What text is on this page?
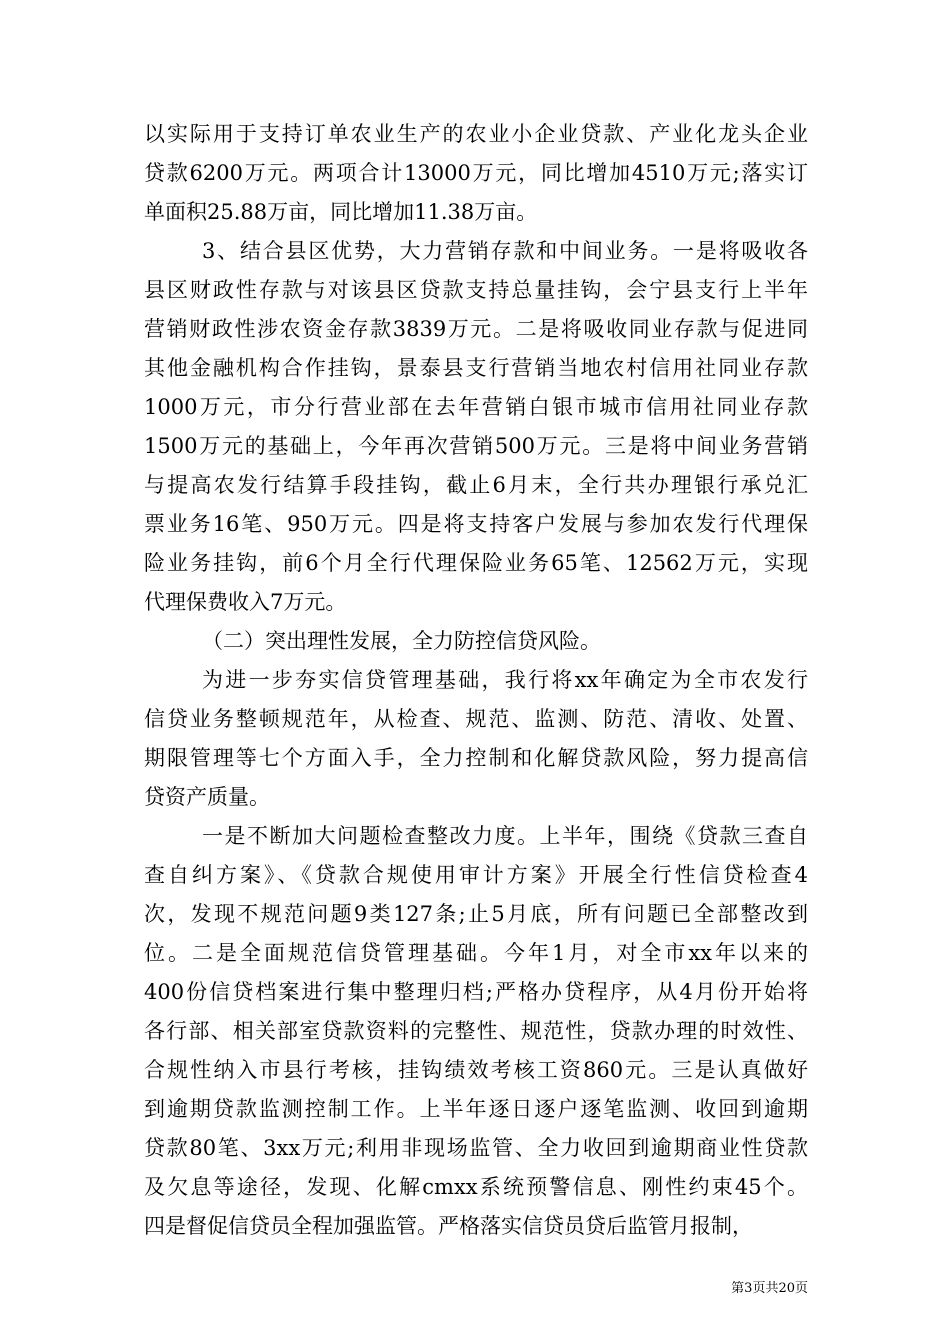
以实际用于支持订单农业生产的农业小企业贷款、产业化龙头企业
贷款6200万元。两项合计13000万元，同比增加4510万元;落实订
单面积25.88万亩，同比增加11.38万亩。
3、结合县区优势，大力营销存款和中间业务。一是将吸收各
县区财政性存款与对该县区贷款支持总量挂钩，会宁县支行上半年
营销财政性涉农资金存款3839万元。二是将吸收同业存款与促进同
其他金融机构合作挂钩，景泰县支行营销当地农村信用社同业存款
1000万元，市分行营业部在去年营销白银市城市信用社同业存款
1500万元的基础上，今年再次营销500万元。三是将中间业务营销
与提高农发行结算手段挂钩，截止6月末，全行共办理银行承兑汇
票业务16笔、950万元。四是将支持客户发展与参加农发行代理保
险业务挂钩，前6个月全行代理保险业务65笔、12562万元，实现
代理保费收入7万元。
（二）突出理性发展，全力防控信贷风险。
为进一步夯实信贷管理基础，我行将xx年确定为全市农发行
信贷业务整顿规范年，从检查、规范、监测、防范、清收、处置、
期限管理等七个方面入手，全力控制和化解贷款风险，努力提高信
贷资产质量。
一是不断加大问题检查整改力度。上半年，围绕《贷款三查自
查自纠方案》、《贷款合规使用审计方案》开展全行性信贷检查4
次，发现不规范问题9类127条;止5月底，所有问题已全部整改到
位。二是全面规范信贷管理基础。今年1月，对全市xx年以来的
400份信贷档案进行集中整理归档;严格办贷程序，从4月份开始将
各行部、相关部室贷款资料的完整性、规范性，贷款办理的时效性、
合规性纳入市县行考核，挂钩绩效考核工资860元。三是认真做好
到逾期贷款监测控制工作。上半年逐日逐户逐笔监测、收回到逾期
贷款80笔、3xx万元;利用非现场监管、全力收回到逾期商业性贷款
及欠息等途径，发现、化解cmxx系统预警信息、刚性约束45个。
四是督促信贷员全程加强监管。严格落实信贷员贷后监管月报制，
第3页共20页
